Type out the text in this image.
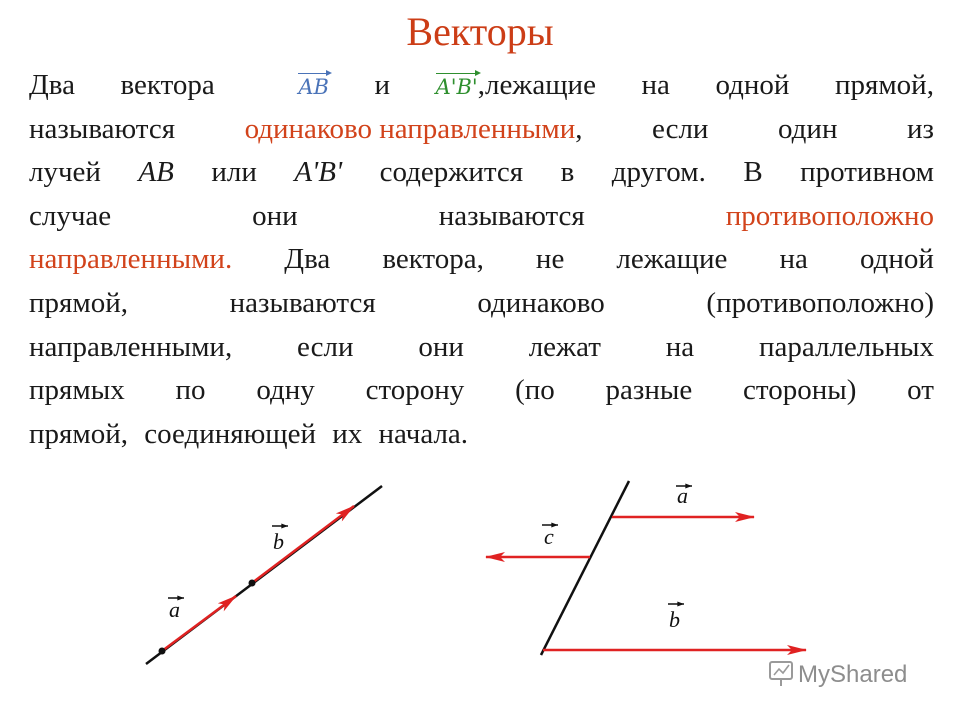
Векторы
Два вектора	AB и A'B',лежащие на одной прямой,
называются одинаково направленными, если один из
лучей AB или A'B' содержится в другом. В противном
случае	они	называются	противоположно
направленными. Два вектора, не лежащие на одной
прямой,	называются	одинаково	(противоположно)
направленными, если они лежат на параллельных
прямых по одну сторону (по разные стороны) от
прямой, соединяющей их начала.
a
b
a
c
b
MyShared
